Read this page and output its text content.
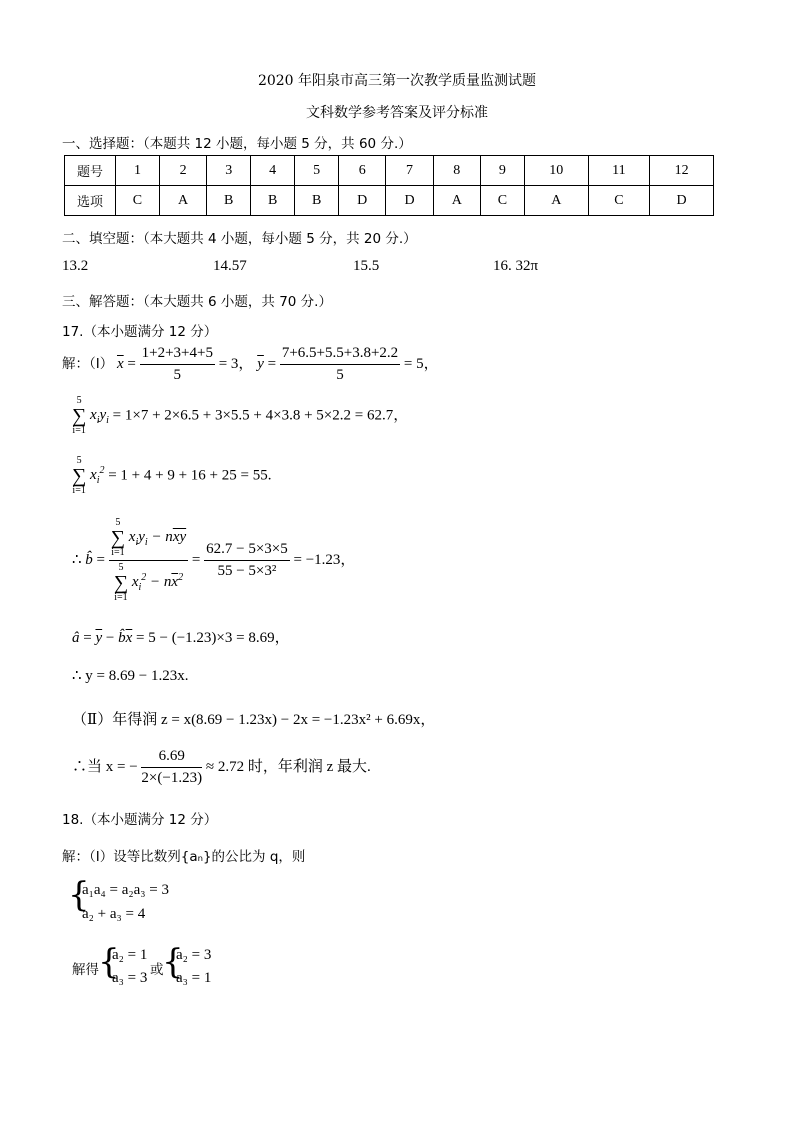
2020 年阳泉市高三第一次教学质量监测试题
文科数学参考答案及评分标准
一、选择题：（本题共 12 小题，每小题 5 分，共 60 分.）
题号	1	2	3	4	5	6	7	8	9	10	11	12
选项	C	A	B	B	B	D	D	A	C	A	C	D
二、填空题：（本大题共 4 小题，每小题 5 分，共 20 分.）
13.2	14.57	15.5	16. 32π
三、解答题：（本大题共 6 小题，共 70 分.）
17.（本小题满分 12 分）
解：（Ⅰ） $\overline{x} = \frac{1+2+3+4+5}{5} = 3$， $\overline{y} = \frac{7+6.5+5.5+3.8+2.2}{5} = 5$，
5
∑
i=1 $x_iy_i = 1\times 7 + 2\times 6.5 + 3\times 5.5 + 4\times 3.8 + 5\times 2.2 = 62.7$，
5
∑
i=1 $x_i^2 = 1 + 4 + 9 + 16 + 25 = 55$.
∴ b̂ = 5
∑
i=1 $x_iy_i - n\overline{xy}$
5
∑
i=1 $x_i^2 - n\overline{x}^2 = \frac{62.7 - 5\times 3\times 5}{\text{55 − 5×3²}} = -1.23$，
â = $\overline{y}$ − $b̂\overline{x} = 5 - (-1.23)\times 3 = 8.69$，
∴ y = 8.69 − 1.23x.
（Ⅱ）年得润 z = x(8.69 − 1.23x) − 2x = −1.23x² + 6.69x，
∴当 x = − $\frac{6.69}{2\times(-1.23)} \approx 2.72$ 时，年利润 z 最大.
18.（本小题满分 12 分）
解：（Ⅰ）设等比数列{aₙ}的公比为 q，则
{
a₁a₄ = a₂a₃ = 3
a₂ + a₃ = 4
解得 {
a₂ = 1
a₃ = 3 或
{
a₂ = 3
a₃ = 1
